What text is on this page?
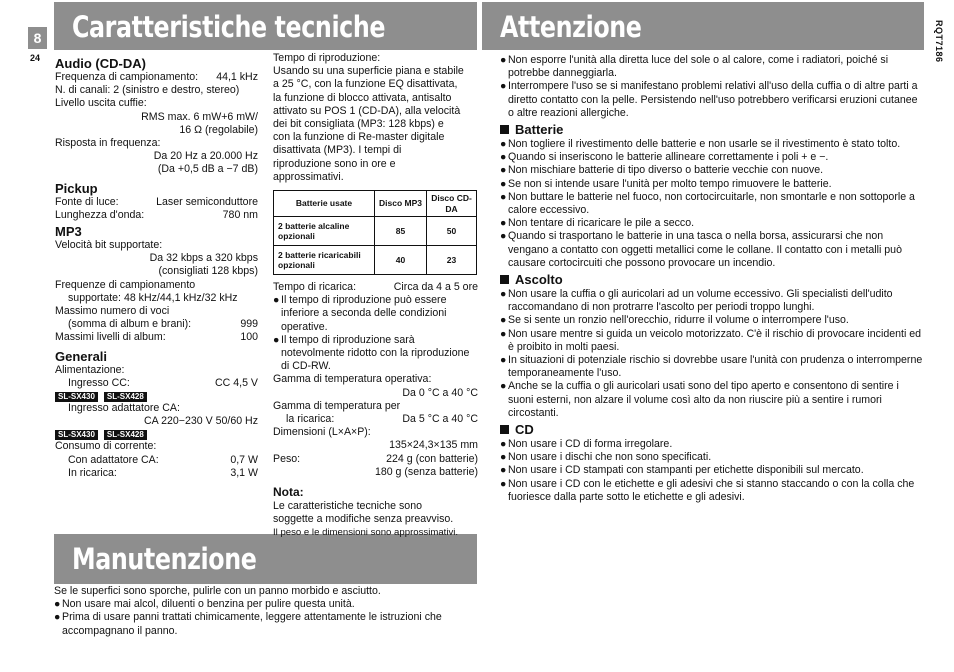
8
24	RQT7186
Caratteristiche tecniche	Attenzione
Manutenzione
Audio (CD-DA)
Frequenza di campionamento: 44,1 kHz
N. di canali: 2 (sinistro e destro, stereo)
Livello uscita cuffie:
RMS max. 6 mW+6 mW/
16 Ω (regolabile)
Risposta in frequenza:
Da 20 Hz a 20.000 Hz
(Da +0,5 dB a −7 dB)
Pickup
Fonte di luce:	Laser semiconduttore
Lunghezza d'onda:	780 nm
MP3
Velocità bit supportate:
Da 32 kbps a 320 kbps
(consigliati 128 kbps)
Frequenze di campionamento
supportate: 48 kHz/44,1 kHz/32 kHz
Massimo numero di voci
(somma di album e brani):	999
Massimi livelli di album:	100
Generali
Alimentazione:
Ingresso CC:	CC 4,5 V
SL-SX430 SL-SX428
Ingresso adattatore CA:
CA 220−230 V 50/60 Hz
SL-SX430 SL-SX428
Consumo di corrente:
Con adattatore CA:	0,7 W
In ricarica:	3,1 W
Tempo di riproduzione:
Usando su una superficie piana e stabile
a 25 °C, con la funzione EQ disattivata,
la funzione di blocco attivata, antisalto
attivato su POS 1 (CD-DA), alla velocità
dei bit consigliata (MP3: 128 kbps) e
con la funzione di Re-master digitale
disattivata (MP3). I tempi di
riproduzione sono in ore e
approssimativi.
Batterie usate	Disco MP3	Disco CD-DA
2 batterie alcaline opzionali	85	50
2 batterie ricaricabili opzionali	40	23
Tempo di ricarica:	Circa da 4 a 5 ore
● Il tempo di riproduzione può essere inferiore a seconda delle condizioni operative.
● Il tempo di riproduzione sarà notevolmente ridotto con la riproduzione di CD-RW.
Gamma di temperatura operativa:
Da 0 °C a 40 °C
Gamma di temperatura per
la ricarica:	Da 5 °C a 40 °C
Dimensioni (L×A×P):
135×24,3×135 mm
Peso:	224 g (con batterie)
180 g (senza batterie)
Nota:
Le caratteristiche tecniche sono
soggette a modifiche senza preavviso.
Il peso e le dimensioni sono approssimativi.
Se le superfici sono sporche, pulirle con un panno morbido e asciutto.
● Non usare mai alcol, diluenti o benzina per pulire questa unità.
● Prima di usare panni trattati chimicamente, leggere attentamente le istruzioni che accompagnano il panno.
● Non esporre l'unità alla diretta luce del sole o al calore, come i radiatori, poiché si potrebbe danneggiarla.
● Interrompere l'uso se si manifestano problemi relativi all'uso della cuffia o di altre parti a diretto contatto con la pelle. Persistendo nell'uso potrebbero verificarsi eruzioni cutanee o altre reazioni allergiche.
Batterie
● Non togliere il rivestimento delle batterie e non usarle se il rivestimento è stato tolto.
● Quando si inseriscono le batterie allineare correttamente i poli + e −.
● Non mischiare batterie di tipo diverso o batterie vecchie con nuove.
● Se non si intende usare l'unità per molto tempo rimuovere le batterie.
● Non buttare le batterie nel fuoco, non cortocircuitarle, non smontarle e non sottoporle a calore eccessivo.
● Non tentare di ricaricare le pile a secco.
● Quando si trasportano le batterie in una tasca o nella borsa, assicurarsi che non vengano a contatto con oggetti metallici come le collane. Il contatto con i metalli può causare cortocircuiti che possono provocare un incendio.
Ascolto
● Non usare la cuffia o gli auricolari ad un volume eccessivo. Gli specialisti dell'udito raccomandano di non protrarre l'ascolto per periodi troppo lunghi.
● Se si sente un ronzio nell'orecchio, ridurre il volume o interrompere l'uso.
● Non usare mentre si guida un veicolo motorizzato. C'è il rischio di provocare incidenti ed è proibito in molti paesi.
● In situazioni di potenziale rischio si dovrebbe usare l'unità con prudenza o interromperne temporaneamente l'uso.
● Anche se la cuffia o gli auricolari usati sono del tipo aperto e consentono di sentire i suoni esterni, non alzare il volume così alto da non riuscire più a sentire i rumori circostanti.
CD
● Non usare i CD di forma irregolare.
● Non usare i dischi che non sono specificati.
● Non usare i CD stampati con stampanti per etichette disponibili sul mercato.
● Non usare i CD con le etichette e gli adesivi che si stanno staccando o con la colla che fuoriesce dalla parte sotto le etichette e gli adesivi.
